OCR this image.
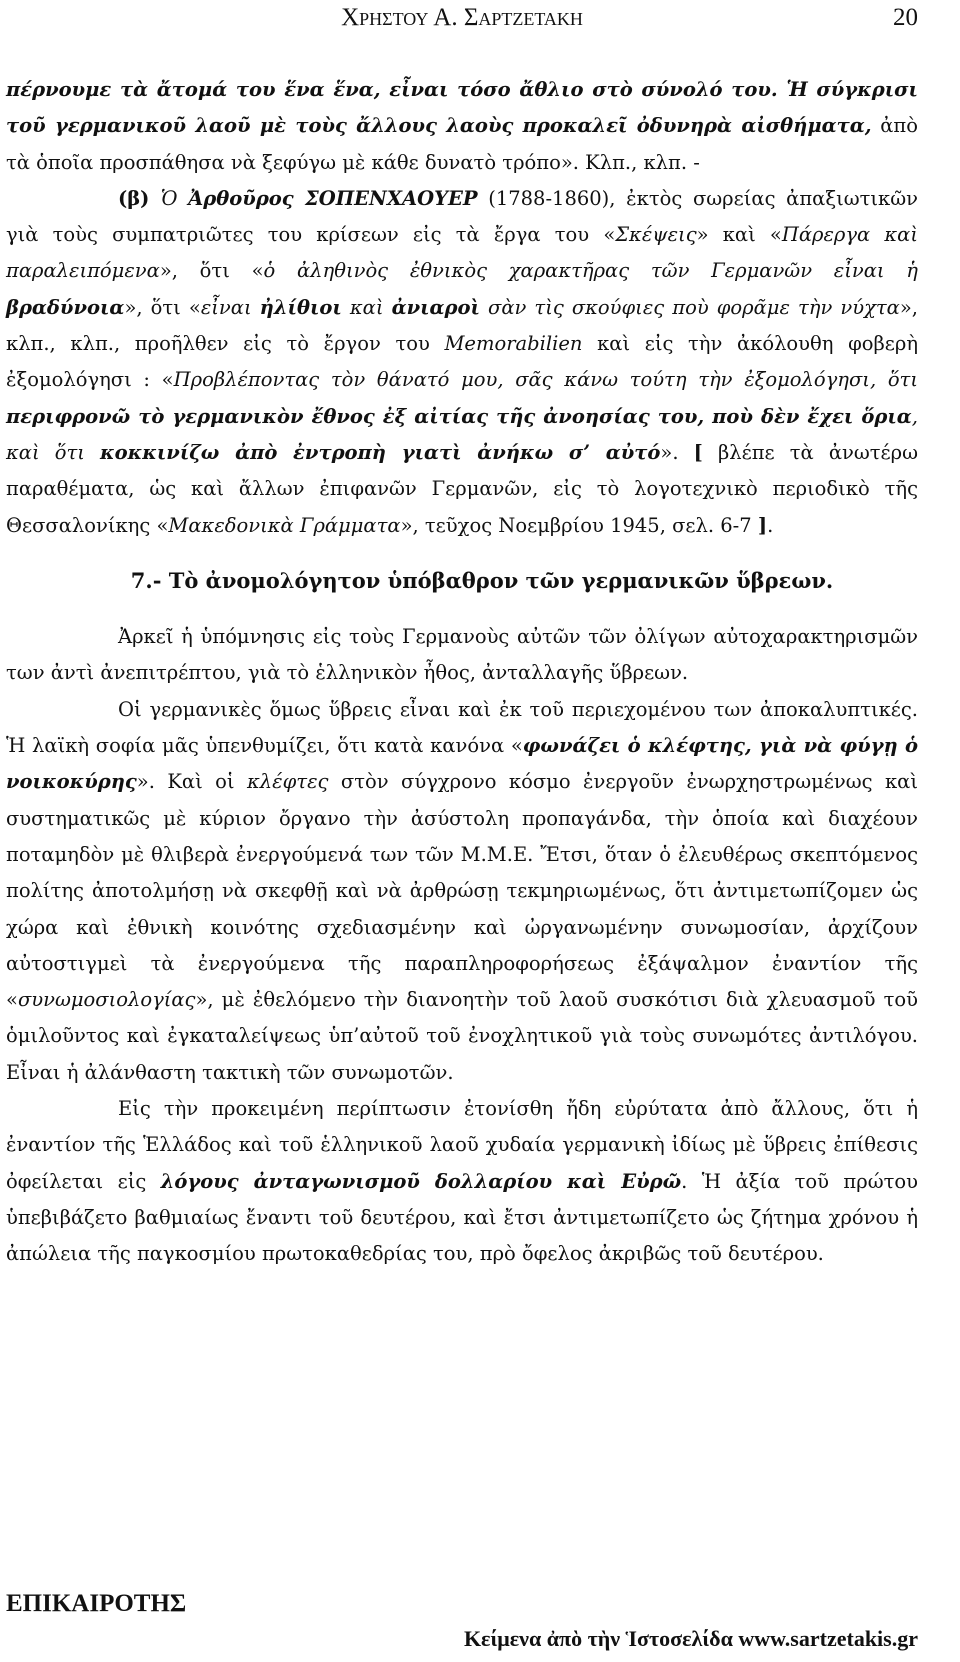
Χρηστου Α. Σαρτζετακη	20

πέρνουμε τὰ ἄτομά του ἕνα ἕνα, εἶναι τόσο ἄθλιο στὸ σύνολό του. Ἡ σύγκρισι τοῦ γερμανικοῦ λαοῦ μὲ τοὺς ἄλλους λαοὺς προκαλεῖ ὀδυνηρὰ αἰσθήματα, ἀπὸ τὰ ὁποῖα προσπάθησα νὰ ξεφύγω μὲ κάθε δυνατὸ τρόπο». Κλπ., κλπ. -

(β) Ὁ Ἀρθοῦρος ΣΟΠΕΝΧΑΟΥΕΡ (1788-1860), ἐκτὸς σωρείας ἀπαξιωτικῶν γιὰ τοὺς συμπατριῶτες του κρίσεων εἰς τὰ ἔργα του «Σκέψεις» καὶ «Πάρεργα καὶ παραλειπόμενα», ὅτι «ὁ ἀληθινὸς ἐθνικὸς χαρακτῆρας τῶν Γερμανῶν εἶναι ἡ βραδύνοια», ὅτι «εἶναι ἠλίθιοι καὶ ἀνιαροὶ σὰν τὶς σκούφιες ποὺ φορᾶμε τὴν νύχτα», κλπ., κλπ., προῆλθεν εἰς τὸ ἔργον του Memorabilien καὶ εἰς τὴν ἀκόλουθη φοβερὴ ἐξομολόγησι : «Προβλέποντας τὸν θάνατό μου, σᾶς κάνω τούτη τὴν ἐξομολόγησι, ὅτι περιφρονῶ τὸ γερμανικὸν ἔθνος ἐξ αἰτίας τῆς ἀνοησίας του, ποὺ δὲν ἔχει ὅρια, καὶ ὅτι κοκκινίζω ἀπὸ ἐντροπὴ γιατὶ ἀνήκω σ’ αὐτό». [ βλέπε τὰ ἀνωτέρω παραθέματα, ὡς καὶ ἄλλων ἐπιφανῶν Γερμανῶν, εἰς τὸ λογοτεχνικὸ περιοδικὸ τῆς Θεσσαλονίκης «Μακεδονικὰ Γράμματα», τεῦχος Νοεμβρίου 1945, σελ. 6-7 ].

7.- Τὸ ἀνομολόγητον ὑπόβαθρον τῶν γερμανικῶν ὕβρεων.

Ἀρκεῖ ἡ ὑπόμνησις εἰς τοὺς Γερμανοὺς αὐτῶν τῶν ὀλίγων αὐτοχαρακτηρισμῶν των ἀντὶ ἀνεπιτρέπτου, γιὰ τὸ ἑλληνικὸν ἦθος, ἀνταλλαγῆς ὕβρεων.

Οἱ γερμανικὲς ὅμως ὕβρεις εἶναι καὶ ἐκ τοῦ περιεχομένου των ἀποκαλυπτικές. Ἡ λαϊκὴ σοφία μᾶς ὑπενθυμίζει, ὅτι κατὰ κανόνα «φωνάζει ὁ κλέφτης, γιὰ νὰ φύγῃ ὁ νοικοκύρης». Καὶ οἱ κλέφτες στὸν σύγχρονο κόσμο ἐνεργοῦν ἐνωρχηστρωμένως καὶ συστηματικῶς μὲ κύριον ὄργανο τὴν ἀσύστολη προπαγάνδα, τὴν ὁποία καὶ διαχέουν ποταμηδὸν μὲ θλιβερὰ ἐνεργούμενά των τῶν Μ.Μ.Ε. Ἔτσι, ὅταν ὁ ἐλευθέρως σκεπτόμενος πολίτης ἀποτολμήσῃ νὰ σκεφθῇ καὶ νὰ ἀρθρώσῃ τεκμηριωμένως, ὅτι ἀντιμετωπίζομεν ὡς χώρα καὶ ἐθνικὴ κοινότης σχεδιασμένην καὶ ὠργανωμένην συνωμοσίαν, ἀρχίζουν αὐτοστιγμεὶ τὰ ἐνεργούμενα τῆς παραπληροφορήσεως ἐξάψαλμον ἐναντίον τῆς «συνωμοσιολογίας», μὲ ἐθελόμενο τὴν διανοητὴν τοῦ λαοῦ συσκότισι διὰ χλευασμοῦ τοῦ ὁμιλοῦντος καὶ ἐγκαταλείψεως ὑπ’αὐτοῦ τοῦ ἐνοχλητικοῦ γιὰ τοὺς συνωμότες ἀντιλόγου. Εἶναι ἡ ἀλάνθαστη τακτικὴ τῶν συνωμοτῶν.

Εἰς τὴν προκειμένη περίπτωσιν ἐτονίσθη ἤδη εὐρύτατα ἀπὸ ἄλλους, ὅτι ἡ ἐναντίον τῆς Ἑλλάδος καὶ τοῦ ἑλληνικοῦ λαοῦ χυδαία γερμανικὴ ἰδίως μὲ ὕβρεις ἐπίθεσις ὀφείλεται εἰς λόγους ἀνταγωνισμοῦ δολλαρίου καὶ Εὐρῶ. Ἡ ἀξία τοῦ πρώτου ὑπεβιβάζετο βαθμιαίως ἔναντι τοῦ δευτέρου, καὶ ἔτσι ἀντιμετωπίζετο ὡς ζήτημα χρόνου ἡ ἀπώλεια τῆς παγκοσμίου πρωτοκαθεδρίας του, πρὸ ὄφελος ἀκριβῶς τοῦ δευτέρου.

ΕΠΙΚΑΙΡΟΤΗΣ
Κείμενα ἀπὸ τὴν Ἱστοσελίδα www.sartzetakis.gr
